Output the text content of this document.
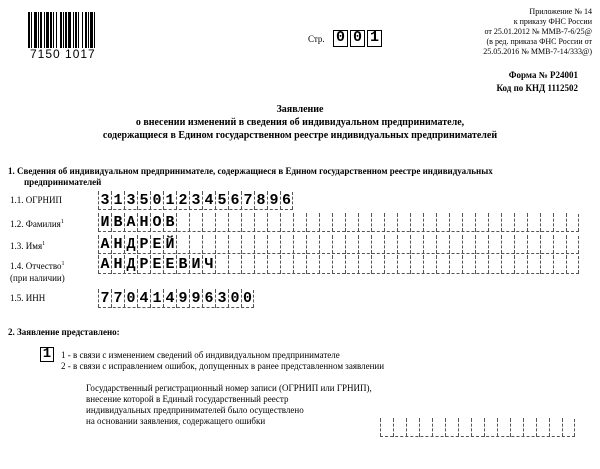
7150 1017
Стр. 0 0 1
Приложение № 14
к приказу ФНС России
от 25.01.2012 № ММВ-7-6/25@
(в ред. приказа ФНС России от
25.05.2016 № ММВ-7-14/333@)
Форма № Р24001
Код по КНД 1112502
Заявление
о внесении изменений в сведения об индивидуальном предпринимателе,
содержащиеся в Едином государственном реестре индивидуальных предпринимателей
1. Сведения об индивидуальном предпринимателе, содержащиеся в Едином государственном реестре индивидуальных
предпринимателей
1.1. ОГРНИП	3 1 3 5 0 1 2 3 4 5 6 7 8 9 6
1.2. Фамилия$^1$ И В А Н О В
1.3. Имя$^1$	А Н Д Р Е Й
1.4. Отчество$^1$
(при наличии)
А Н Д Р Е Е В И Ч
1.5. ИНН	7 7 0 4 1 4 9 9 6 3 0 0
2. Заявление представлено:
1	1 - в связи с изменением сведений об индивидуальном предпринимателе
2 - в связи с исправлением ошибок, допущенных в ранее представленном заявлении
Государственный регистрационный номер записи (ОГРНИП или ГРНИП),
внесение которой в Единый государственный реестр
индивидуальных предпринимателей было осуществлено
на основании заявления, содержащего ошибки
